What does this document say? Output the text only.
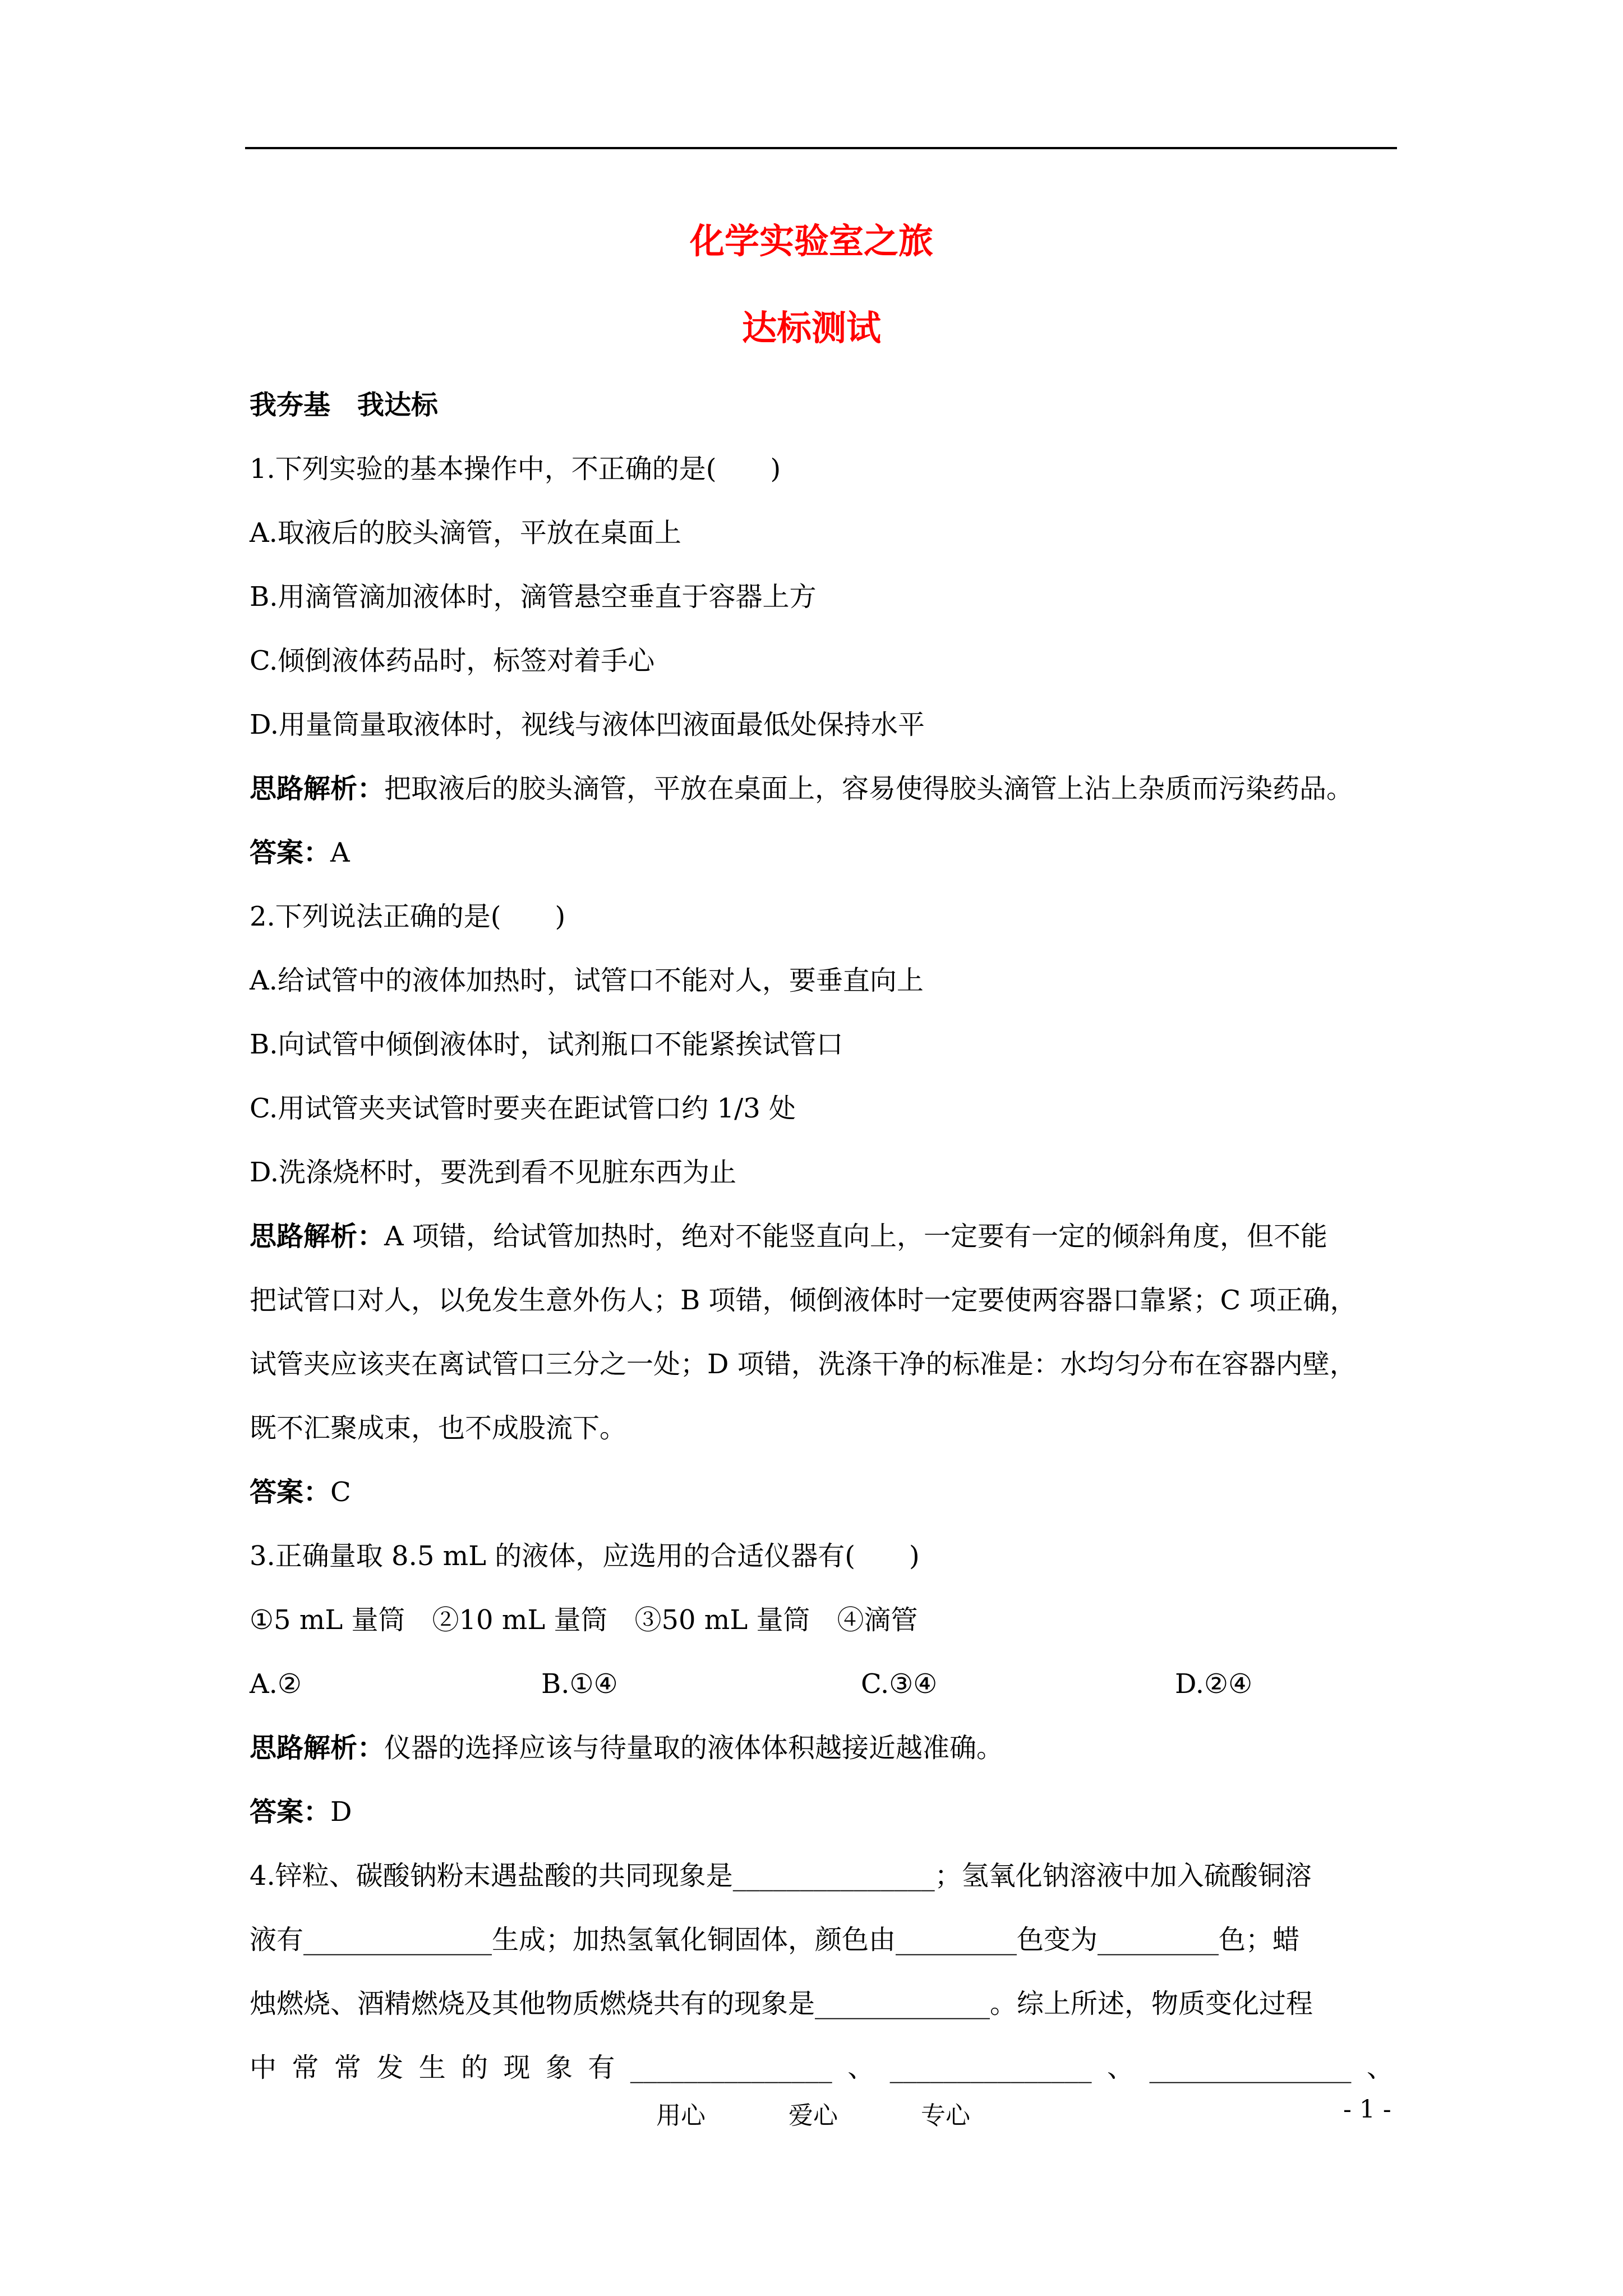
化学实验室之旅
达标测试
我夯基　我达标
1.下列实验的基本操作中，不正确的是(　　)
A.取液后的胶头滴管，平放在桌面上
B.用滴管滴加液体时，滴管悬空垂直于容器上方
C.倾倒液体药品时，标签对着手心
D.用量筒量取液体时，视线与液体凹液面最低处保持水平
思路解析：把取液后的胶头滴管，平放在桌面上，容易使得胶头滴管上沾上杂质而污染药品。
答案：A
2.下列说法正确的是(　　)
A.给试管中的液体加热时，试管口不能对人，要垂直向上
B.向试管中倾倒液体时，试剂瓶口不能紧挨试管口
C.用试管夹夹试管时要夹在距试管口约 1/3 处
D.洗涤烧杯时，要洗到看不见脏东西为止
思路解析：A 项错，给试管加热时，绝对不能竖直向上，一定要有一定的倾斜角度，但不能
把试管口对人，以免发生意外伤人；B 项错，倾倒液体时一定要使两容器口靠紧；C 项正确，
试管夹应该夹在离试管口三分之一处；D 项错，洗涤干净的标准是：水均匀分布在容器内壁，
既不汇聚成束，也不成股流下。
答案：C
3.正确量取 8.5 mL 的液体，应选用的合适仪器有(　　)
①5 mL 量筒　②10 mL 量筒　③50 mL 量筒　④滴管
A.②	B.①④	C.③④	D.②④
思路解析：仪器的选择应该与待量取的液体体积越接近越准确。
答案：D
4.锌粒、碳酸钠粉末遇盐酸的共同现象是_______________；氢氧化钠溶液中加入硫酸铜溶
液有______________生成；加热氢氧化铜固体，颜色由_________色变为_________色；蜡
烛燃烧、酒精燃烧及其他物质燃烧共有的现象是_____________。综上所述，物质变化过程
中 常 常 发 生 的 现 象 有 _______________ 、 _______________ 、 _______________ 、
用心	爱心	专心	- 1 -
